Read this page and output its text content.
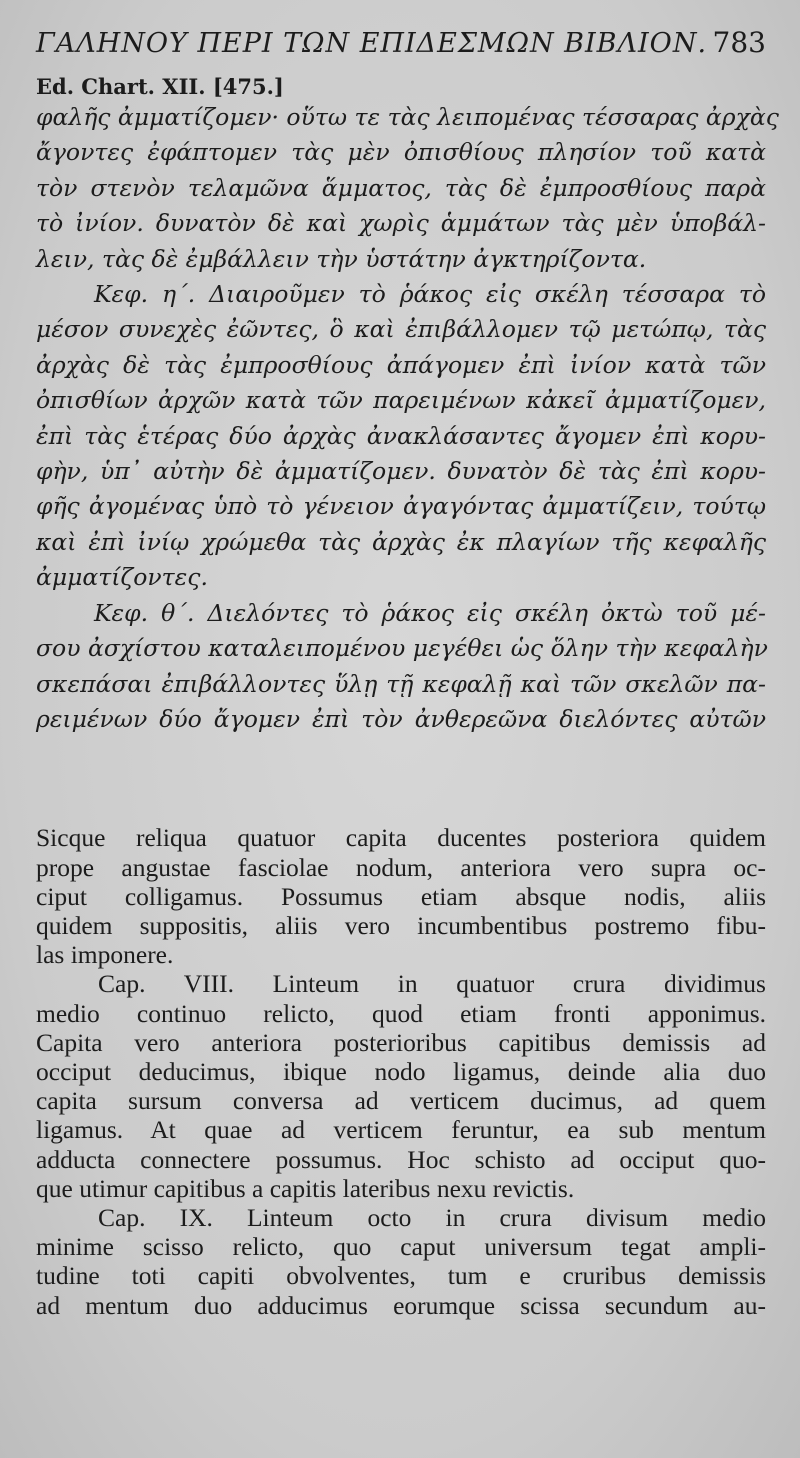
ΓΑΛΗΝΟΥ ΠΕΡΙ ΤΩΝ ΕΠΙΔΕΣΜΩΝ ΒΙΒΛΙΟΝ. 783
Ed. Chart. XII. [475.]
φαλῆς ἀμματίζομεν· οὕτω τε τὰς λειπομένας τέσσαρας ἀρχὰς
ἄγοντες ἐφάπτομεν τὰς μὲν ὀπισθίους πλησίον τοῦ κατὰ
τὸν στενὸν τελαμῶνα ἅμματος, τὰς δὲ ἐμπροσθίους παρὰ
τὸ ἰνίον. δυνατὸν δὲ καὶ χωρὶς ἁμμάτων τὰς μὲν ὑποβάλ-
λειν, τὰς δὲ ἐμβάλλειν τὴν ὑστάτην ἀγκτηρίζοντα.
Κεφ. η΄. Διαιροῦμεν τὸ ῥάκος εἰς σκέλη τέσσαρα τὸ
μέσον συνεχὲς ἐῶντες, ὃ καὶ ἐπιβάλλομεν τῷ μετώπῳ, τὰς
ἀρχὰς δὲ τὰς ἐμπροσθίους ἀπάγομεν ἐπὶ ἰνίον κατὰ τῶν
ὀπισθίων ἀρχῶν κατὰ τῶν παρειμένων κἀκεῖ ἀμματίζομεν,
ἐπὶ τὰς ἑτέρας δύο ἀρχὰς ἀνακλάσαντες ἄγομεν ἐπὶ κορυ-
φὴν, ὑπ᾽ αὐτὴν δὲ ἀμματίζομεν. δυνατὸν δὲ τὰς ἐπὶ κορυ-
φῆς ἀγομένας ὑπὸ τὸ γένειον ἀγαγόντας ἀμματίζειν, τούτῳ
καὶ ἐπὶ ἰνίῳ χρώμεθα τὰς ἀρχὰς ἐκ πλαγίων τῆς κεφαλῆς
ἀμματίζοντες.
Κεφ. θ΄. Διελόντες τὸ ῥάκος εἰς σκέλη ὀκτὼ τοῦ μέ-
σου ἀσχίστου καταλειπομένου μεγέθει ὡς ὅλην τὴν κεφαλὴν
σκεπάσαι ἐπιβάλλοντες ὕλῃ τῇ κεφαλῇ καὶ τῶν σκελῶν πα-
ρειμένων δύο ἄγομεν ἐπὶ τὸν ἀνθερεῶνα διελόντες αὐτῶν
Sicque reliqua quatuor capita ducentes posteriora quidem
prope angustae fasciolae nodum, anteriora vero supra oc-
ciput colligamus. Possumus etiam absque nodis, aliis
quidem suppositis, aliis vero incumbentibus postremo fibu-
las imponere.
Cap. VIII. Linteum in quatuor crura dividimus
medio continuo relicto, quod etiam fronti apponimus.
Capita vero anteriora posterioribus capitibus demissis ad
occiput deducimus, ibique nodo ligamus, deinde alia duo
capita sursum conversa ad verticem ducimus, ad quem
ligamus. At quae ad verticem feruntur, ea sub mentum
adducta connectere possumus. Hoc schisto ad occiput quo-
que utimur capitibus a capitis lateribus nexu revictis.
Cap. IX. Linteum octo in crura divisum medio
minime scisso relicto, quo caput universum tegat ampli-
tudine toti capiti obvolventes, tum e cruribus demissis
ad mentum duo adducimus eorumque scissa secundum au-
